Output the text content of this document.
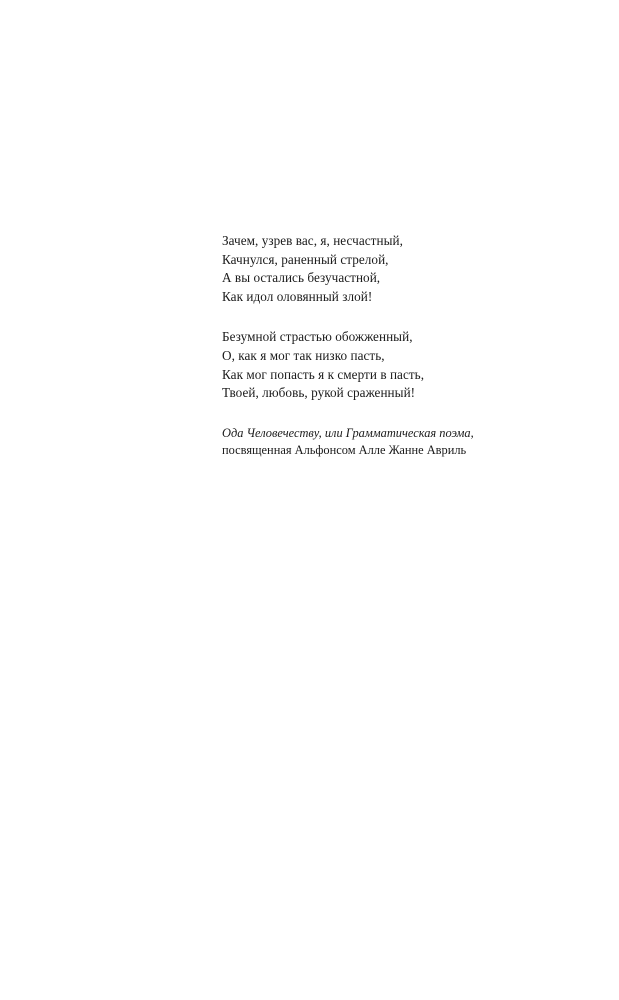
Зачем, узрев вас, я, несчастный,
Качнулся, раненный стрелой,
А вы остались безучастной,
Как идол оловянный злой!
Безумной страстью обожженный,
О, как я мог так низко пасть,
Как мог попасть я к смерти в пасть,
Твоей, любовь, рукой сраженный!
Ода Человечеству, или Грамматическая поэма,
посвященная Альфонсом Алле Жанне Авриль
